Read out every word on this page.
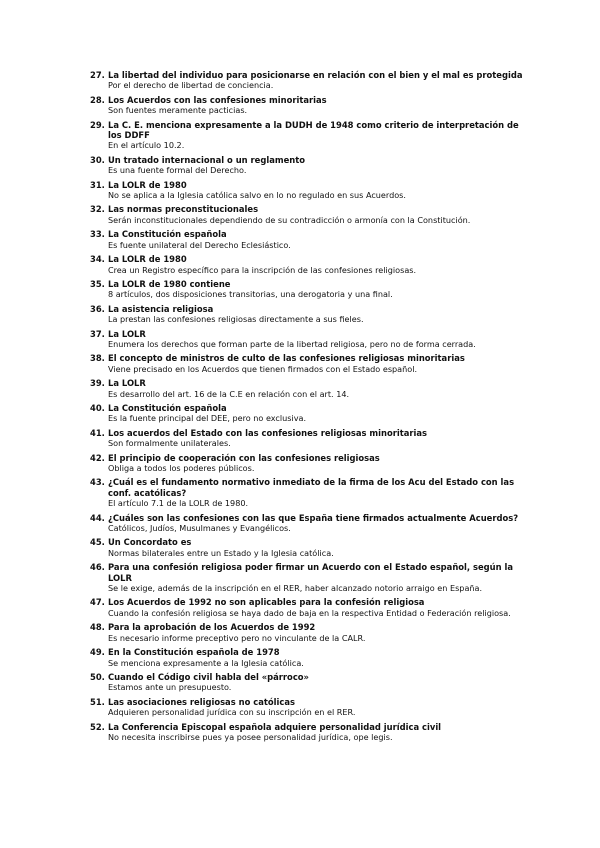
27. La libertad del individuo para posicionarse en relación con el bien y el mal es protegida

Por el derecho de libertad de conciencia.

28. Los Acuerdos con las confesiones minoritarias

Son fuentes meramente pacticias.

29. La C. E. menciona expresamente a la DUDH de 1948 como criterio de interpretación de los DDFF

En el artículo 10.2.

30. Un tratado internacional o un reglamento

Es una fuente formal del Derecho.

31. La LOLR de 1980

No se aplica a la Iglesia católica salvo en lo no regulado en sus Acuerdos.

32. Las normas preconstitucionales

Serán inconstitucionales dependiendo de su contradicción o armonía con la Constitución.

33. La Constitución española

Es fuente unilateral del Derecho Eclesiástico.

34. La LOLR de 1980

Crea un Registro específico para la inscripción de las confesiones religiosas.

35. La LOLR de 1980 contiene

8 artículos, dos disposiciones transitorias, una derogatoria y una final.

36. La asistencia religiosa

La prestan las confesiones religiosas directamente a sus fieles.

37. La LOLR

Enumera los derechos que forman parte de la libertad religiosa, pero no de forma cerrada.

38. El concepto de ministros de culto de las confesiones religiosas minoritarias

Viene precisado en los Acuerdos que tienen firmados con el Estado español.

39. La LOLR

Es desarrollo del art. 16 de la C.E en relación con el art. 14.

40. La Constitución española

Es la fuente principal del DEE, pero no exclusiva.

41. Los acuerdos del Estado con las confesiones religiosas minoritarias

Son formalmente unilaterales.

42. El principio de cooperación con las confesiones religiosas

Obliga a todos los poderes públicos.

43. ¿Cuál es el fundamento normativo inmediato de la firma de los Acu del Estado con las conf. acatólicas?

El artículo 7.1 de la LOLR de 1980.

44. ¿Cuáles son las confesiones con las que España tiene firmados actualmente Acuerdos?

Católicos, Judíos, Musulmanes y Evangélicos.

45. Un Concordato es

Normas bilaterales entre un Estado y la Iglesia católica.

46. Para una confesión religiosa poder firmar un Acuerdo con el Estado español, según la LOLR

Se le exige, además de la inscripción en el RER, haber alcanzado notorio arraigo en España.

47. Los Acuerdos de 1992 no son aplicables para la confesión religiosa

Cuando la confesión religiosa se haya dado de baja en la respectiva Entidad o Federación religiosa.

48. Para la aprobación de los Acuerdos de 1992

Es necesario informe preceptivo pero no vinculante de la CALR.

49. En la Constitución española de 1978

Se menciona expresamente a la Iglesia católica.

50. Cuando el Código civil habla del «párroco»

Estamos ante un presupuesto.

51. Las asociaciones religiosas no católicas

Adquieren personalidad jurídica con su inscripción en el RER.

52. La Conferencia Episcopal española adquiere personalidad jurídica civil

No necesita inscribirse pues ya posee personalidad jurídica, ope legis.
